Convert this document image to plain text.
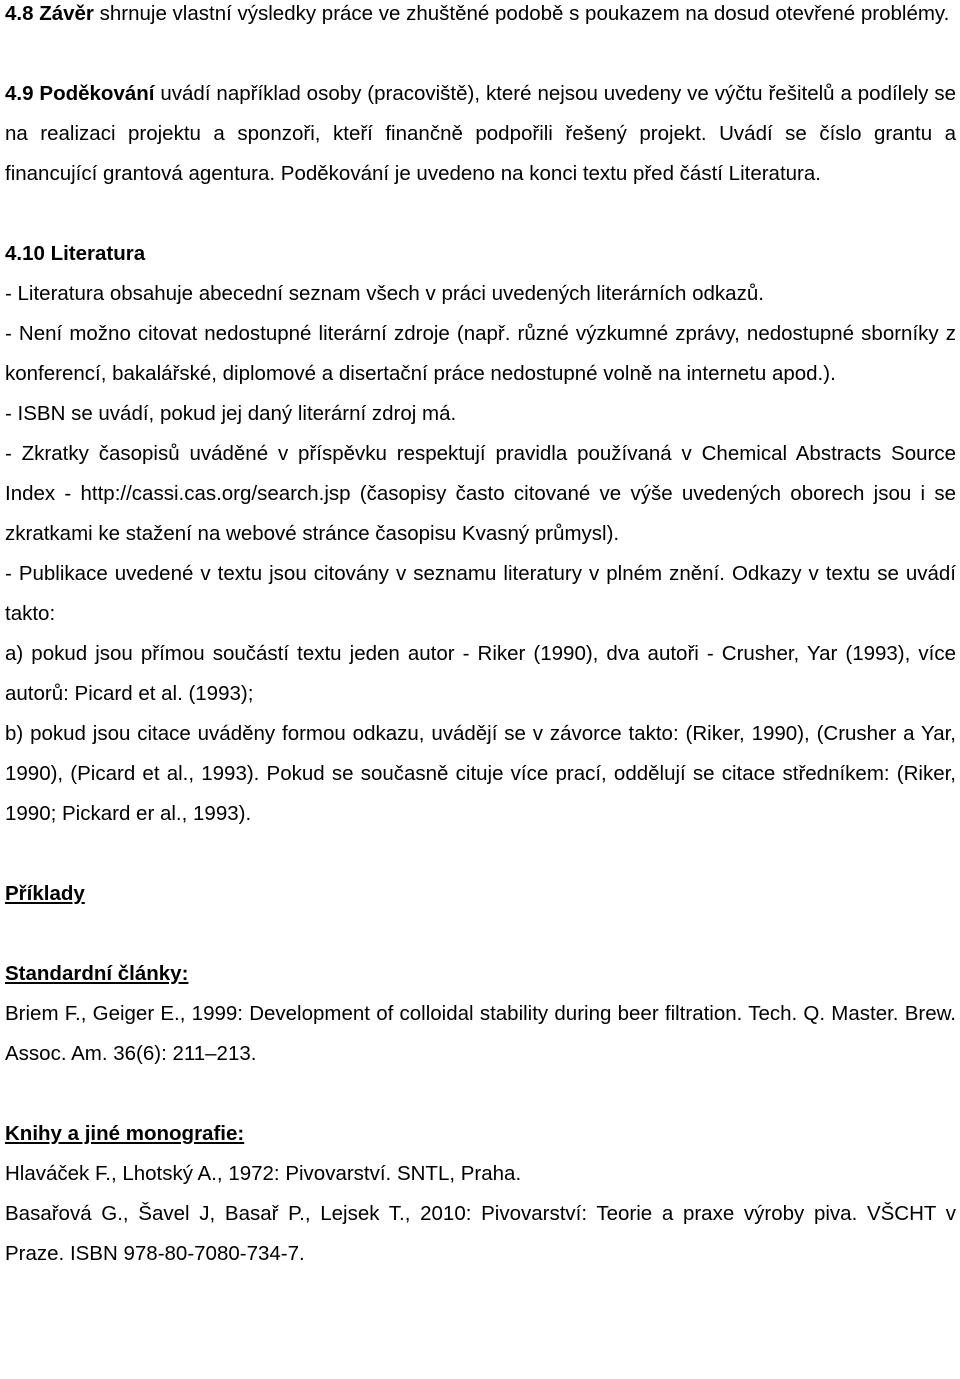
4.8 Závěr shrnuje vlastní výsledky práce ve zhuštěné podobě s poukazem na dosud otevřené problémy.

4.9 Poděkování uvádí například osoby (pracoviště), které nejsou uvedeny ve výčtu řešitelů a podílely se na realizaci projektu a sponzoři, kteří finančně podpořili řešený projekt. Uvádí se číslo grantu a financující grantová agentura. Poděkování je uvedeno na konci textu před částí Literatura.

4.10 Literatura

- Literatura obsahuje abecední seznam všech v práci uvedených literárních odkazů.

- Není možno citovat nedostupné literární zdroje (např. různé výzkumné zprávy, nedostupné sborníky z konferencí, bakalářské, diplomové a disertační práce nedostupné volně na internetu apod.).

- ISBN se uvádí, pokud jej daný literární zdroj má.

- Zkratky časopisů uváděné v příspěvku respektují pravidla používaná v Chemical Abstracts Source Index - http://cassi.cas.org/search.jsp (časopisy často citované ve výše uvedených oborech jsou i se zkratkami ke stažení na webové stránce časopisu Kvasný průmysl).

- Publikace uvedené v textu jsou citovány v seznamu literatury v plném znění. Odkazy v textu se uvádí takto:

a) pokud jsou přímou součástí textu jeden autor - Riker (1990), dva autoři - Crusher, Yar (1993), více autorů: Picard et al. (1993);

b) pokud jsou citace uváděny formou odkazu, uvádějí se v závorce takto: (Riker, 1990), (Crusher a Yar, 1990), (Picard et al., 1993). Pokud se současně cituje více prací, oddělují se citace středníkem: (Riker, 1990; Pickard er al., 1993).

Příklady

Standardní články:

Briem F., Geiger E., 1999: Development of colloidal stability during beer filtration. Tech. Q. Master. Brew. Assoc. Am. 36(6): 211–213.

Knihy a jiné monografie:

Hlaváček F., Lhotský A., 1972: Pivovarství. SNTL, Praha.

Basařová G., Šavel J, Basař P., Lejsek T., 2010: Pivovarství: Teorie a praxe výroby piva. VŠCHT v Praze. ISBN 978-80-7080-734-7.
